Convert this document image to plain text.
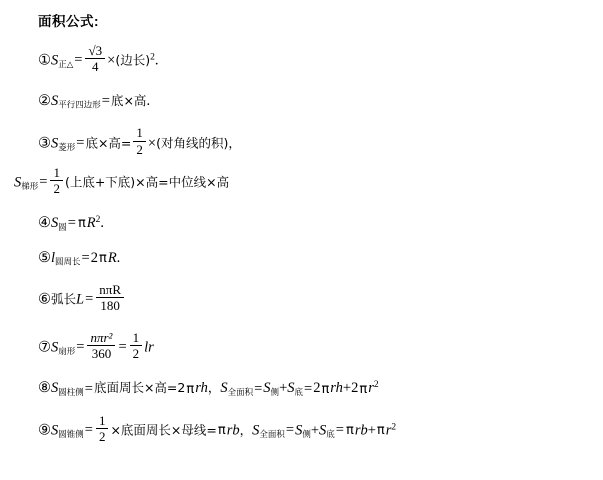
面积公式:
$①S_{正\triangle}= \frac{√3}{4}$ ×(边长)$^2$.
$②S_{平行四边形}=$底×高.
$③S_{菱形}=$底×高= $\frac{1}{2}$ ×(对角线的积)，
$S_{梯形}= \frac{1}{2}$ (上底+下底)×高=中位线×高
$④S_圆= \pi R^2$.
$⑤l_{圆周长}=2\pi R$.
⑥弧长$L= \frac{\text{nπR}}{180}$
$⑦S_{扇形}= \frac{\text{nπr²}}{360} = \frac{1}{2}$ lr
$⑧S_{圆柱侧}=$底面周长×高=2πrh，$S_{全面积}=S_侧+S_底=2\pi rh+2\pi r^2$
$⑨S_{圆锥侧}= \frac{1}{2}$ ×底面周长×母线=πrb，$S_{全面积}=S_侧+S_底= \pi rb+\pi r^2$
